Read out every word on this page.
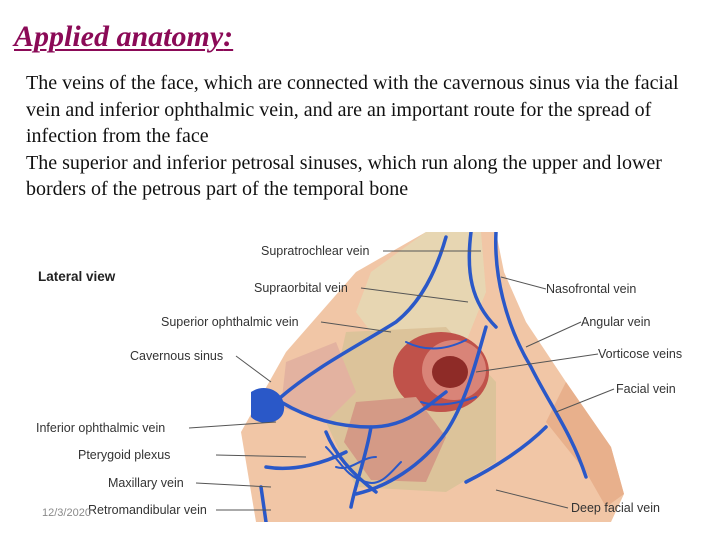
Applied anatomy:

The veins of the face, which are connected with the cavernous sinus via the facial vein and inferior ophthalmic vein, and are an important route for the spread of infection from the face

The superior and inferior petrosal sinuses, which run along the upper and lower borders of the petrous part of the temporal bone

Lateral view
Supratrochlear vein
Supraorbital vein
Superior ophthalmic vein
Cavernous sinus
Inferior ophthalmic vein
Pterygoid plexus
Maxillary vein
Retromandibular vein
Nasofrontal vein
Angular vein
Vorticose veins
Facial vein
Deep facial vein
12/3/2020
